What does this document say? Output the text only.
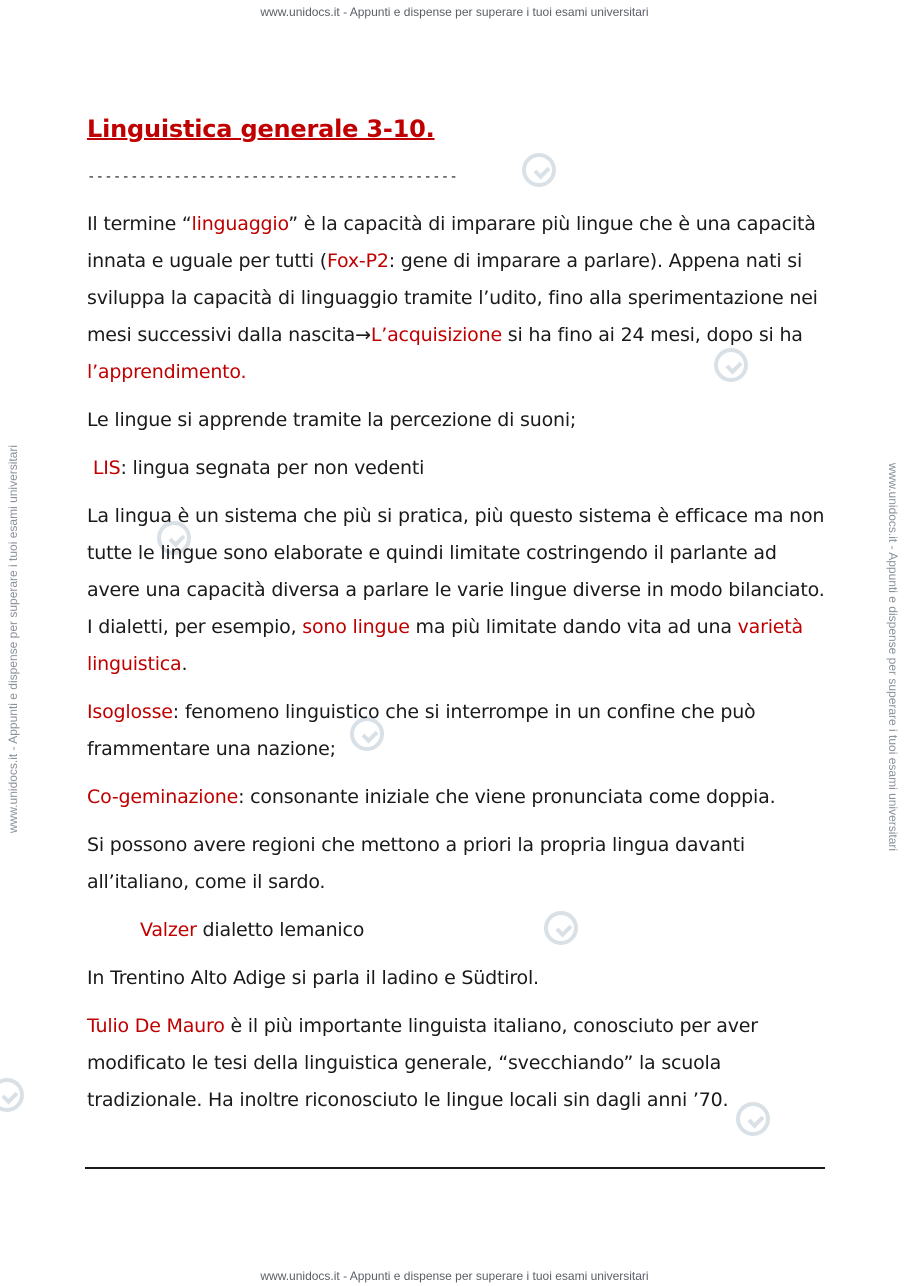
www.unidocs.it - Appunti e dispense per superare i tuoi esami universitari
www.unidocs.it - Appunti e dispense per superare i tuoi esami universitari	www.unidocs.it - Appunti e dispense per superare i tuoi esami universitari
Linguistica generale 3-10.
-------------------------------------------

Il termine “linguaggio” è la capacità di imparare più lingue che è una capacità innata e uguale per tutti (Fox-P2: gene di imparare a parlare). Appena nati si sviluppa la capacità di linguaggio tramite l’udito, fino alla sperimentazione nei mesi successivi dalla nascita→L’acquisizione si ha fino ai 24 mesi, dopo si ha l’apprendimento.

Le lingue si apprende tramite la percezione di suoni;

LIS: lingua segnata per non vedenti

La lingua è un sistema che più si pratica, più questo sistema è efficace ma non tutte le lingue sono elaborate e quindi limitate costringendo il parlante ad avere una capacità diversa a parlare le varie lingue diverse in modo bilanciato. I dialetti, per esempio, sono lingue ma più limitate dando vita ad una varietà linguistica.

Isoglosse: fenomeno linguistico che si interrompe in un confine che può frammentare una nazione;

Co-geminazione: consonante iniziale che viene pronunciata come doppia.

Si possono avere regioni che mettono a priori la propria lingua davanti all’italiano, come il sardo.

Valzer dialetto lemanico

In Trentino Alto Adige si parla il ladino e Südtirol.

Tulio De Mauro è il più importante linguista italiano, conosciuto per aver modificato le tesi della linguistica generale, “svecchiando” la scuola tradizionale. Ha inoltre riconosciuto le lingue locali sin dagli anni ’70.

www.unidocs.it - Appunti e dispense per superare i tuoi esami universitari
